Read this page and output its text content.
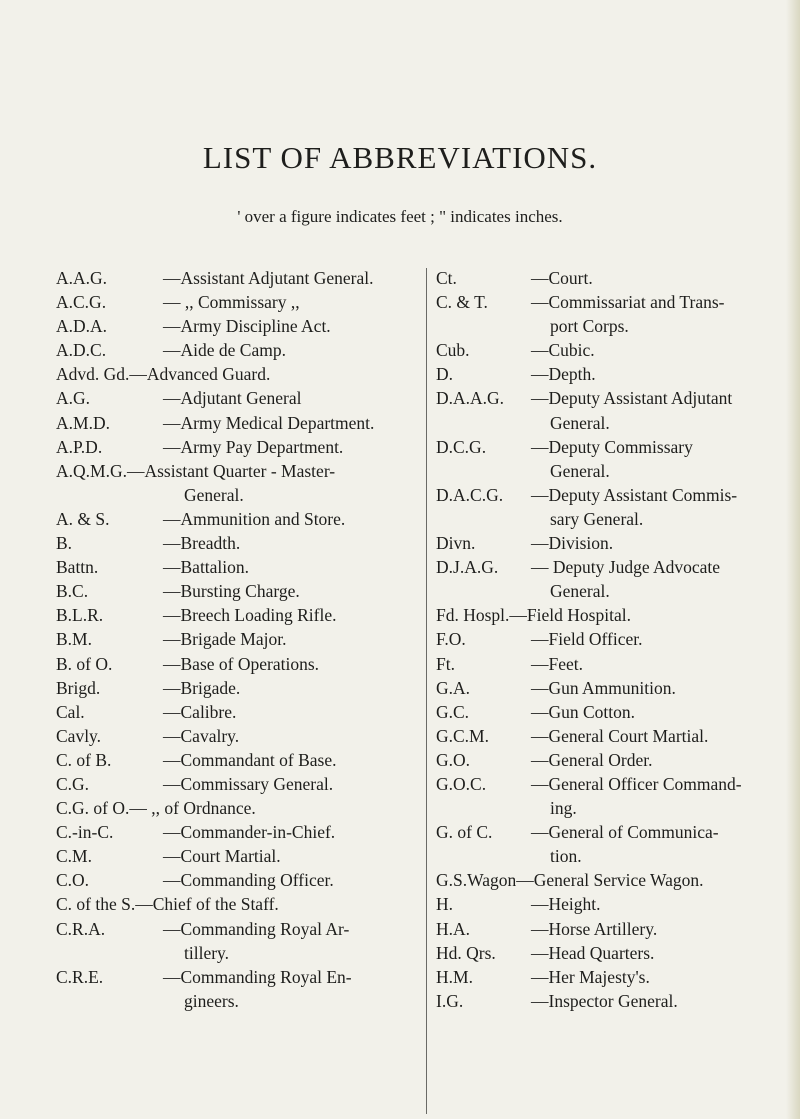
LIST OF ABBREVIATIONS.
' over a figure indicates feet ; " indicates inches.
A.A.G.	—Assistant Adjutant General.
A.C.G.	— ,, Commissary ,,
A.D.A.	—Army Discipline Act.
A.D.C.	—Aide de Camp.
Advd. Gd.—Advanced Guard.
A.G.	—Adjutant General
A.M.D.	—Army Medical Department.
A.P.D.	—Army Pay Department.
A.Q.M.G.—Assistant Quarter - Master-
General.
A. & S.	—Ammunition and Store.
B.	—Breadth.
Battn.	—Battalion.
B.C.	—Bursting Charge.
B.L.R.	—Breech Loading Rifle.
B.M.	—Brigade Major.
B. of O.	—Base of Operations.
Brigd.	—Brigade.
Cal.	—Calibre.
Cavly.	—Cavalry.
C. of B.	—Commandant of Base.
C.G.	—Commissary General.
C.G. of O.— ,, of Ordnance.
C.-in-C.	—Commander-in-Chief.
C.M.	—Court Martial.
C.O.	—Commanding Officer.
C. of the S.—Chief of the Staff.
C.R.A.	—Commanding Royal Ar-
tillery.
C.R.E.	—Commanding Royal En-
gineers.
Ct.	—Court.
C. & T.	—Commissariat and Trans-
port Corps.
Cub.	—Cubic.
D.	—Depth.
D.A.A.G.	—Deputy Assistant Adjutant
General.
D.C.G.	—Deputy Commissary
General.
D.A.C.G.	—Deputy Assistant Commis-
sary General.
Divn.	—Division.
D.J.A.G.	— Deputy Judge Advocate
General.
Fd. Hospl.—Field Hospital.
F.O.	—Field Officer.
Ft.	—Feet.
G.A.	—Gun Ammunition.
G.C.	—Gun Cotton.
G.C.M.	—General Court Martial.
G.O.	—General Order.
G.O.C.	—General Officer Command-
ing.
G. of C.	—General of Communica-
tion.
G.S.Wagon—General Service Wagon.
H.	—Height.
H.A.	—Horse Artillery.
Hd. Qrs.	—Head Quarters.
H.M.	—Her Majesty's.
I.G.	—Inspector General.
